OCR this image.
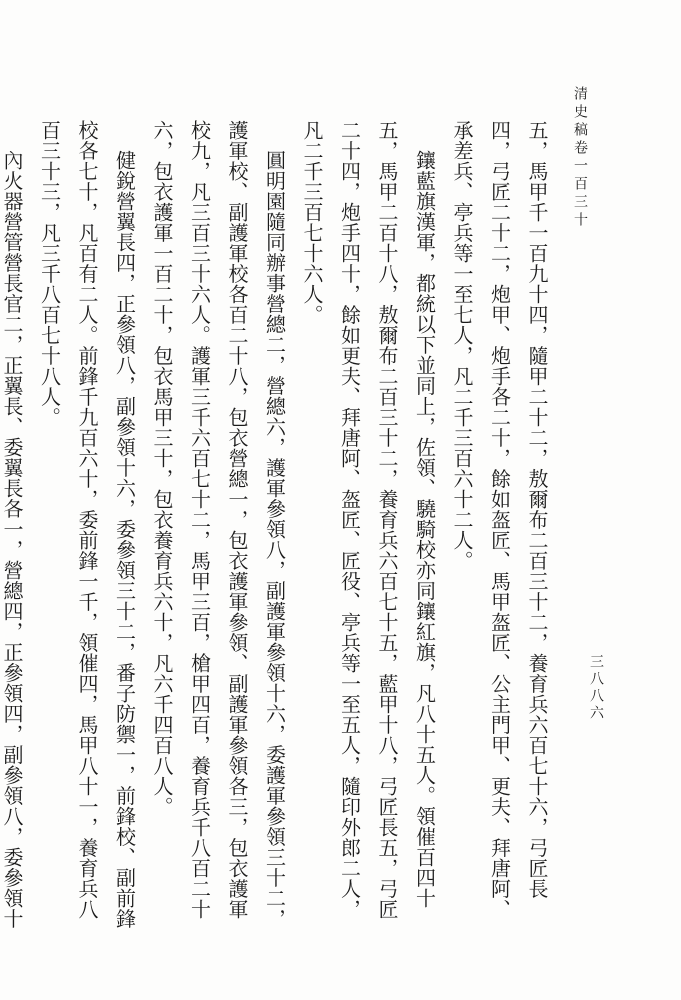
清史稿卷一百三十
三八八六

五，馬甲千一百九十四，隨甲二十二，敖爾布二百三十二，養育兵六百七十六，弓匠長四，弓匠二十二，炮甲、炮手各二十，餘如盔匠、馬甲盔匠、公主門甲、更夫、拜唐阿、承差兵、亭兵等一至七人，凡二千三百六十二人。

鑲藍旗漢軍，都統以下並同上，佐領、驍騎校亦同鑲紅旗，凡八十五人。領催百四十五，馬甲二百十八，敖爾布二百三十二，養育兵六百七十五，藍甲十八，弓匠長五，弓匠二十四，炮手四十，餘如更夫、拜唐阿、盔匠、匠役、亭兵等一至五人，隨印外郎二人，凡二千三百七十六人。

圓明園隨同辦事營總二，營總六，護軍參領八，副護軍參領十六，委護軍參領三十二，護軍校、副護軍校各百二十八，包衣營總一，包衣護軍參領、副護軍參領各三，包衣護軍校九，凡三百三十六人。護軍三千六百七十二，馬甲三百，槍甲四百，養育兵千八百二十六，包衣護軍一百二十，包衣馬甲三十，包衣養育兵六十，凡六千四百八人。

健銳營翼長四，正參領八，副參領十六，委參領三十二，番子防禦一，前鋒校、副前鋒校各七十，凡百有二人。前鋒千九百六十，委前鋒一千，領催四，馬甲八十一，養育兵八百三十三，凡三千八百七十八人。

內火器營管營長官二，正翼長、委翼長各一，營總四，正參領四，副參領八，委參領十
